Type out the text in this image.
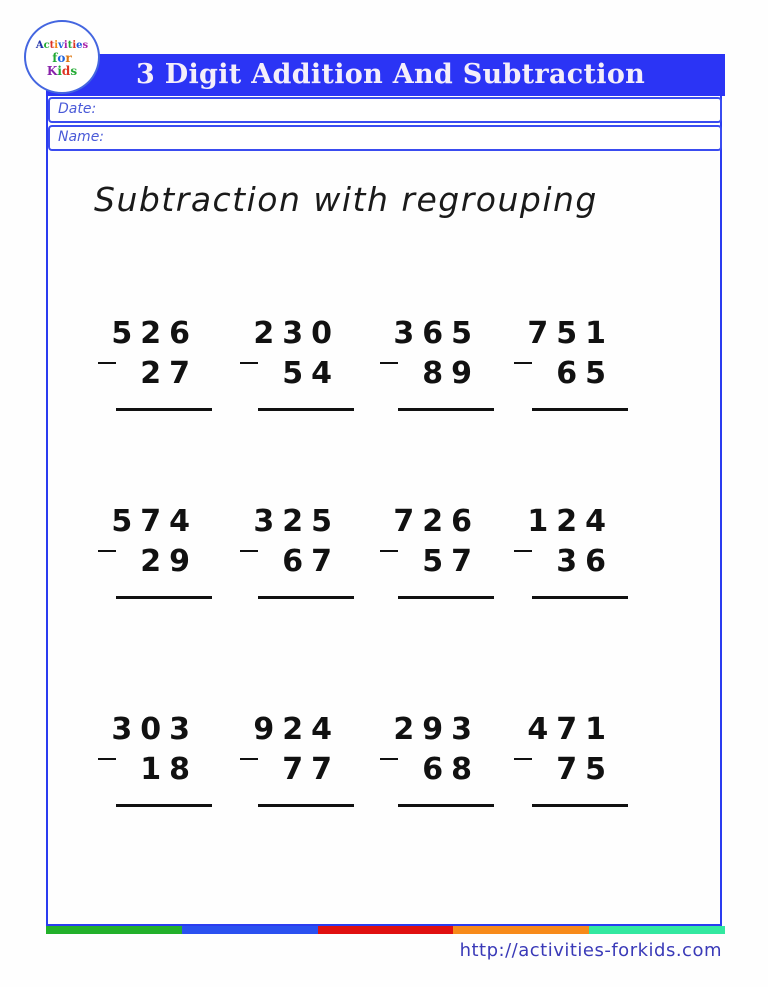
3 Digit Addition And Subtraction
Activities
for
Kids
Date:
Name:
Subtraction with regrouping
526
27
230
54
365
89
751
65
574
29
325
67
726
57
124
36
303
18
924
77
293
68
471
75
http://activities-forkids.com
